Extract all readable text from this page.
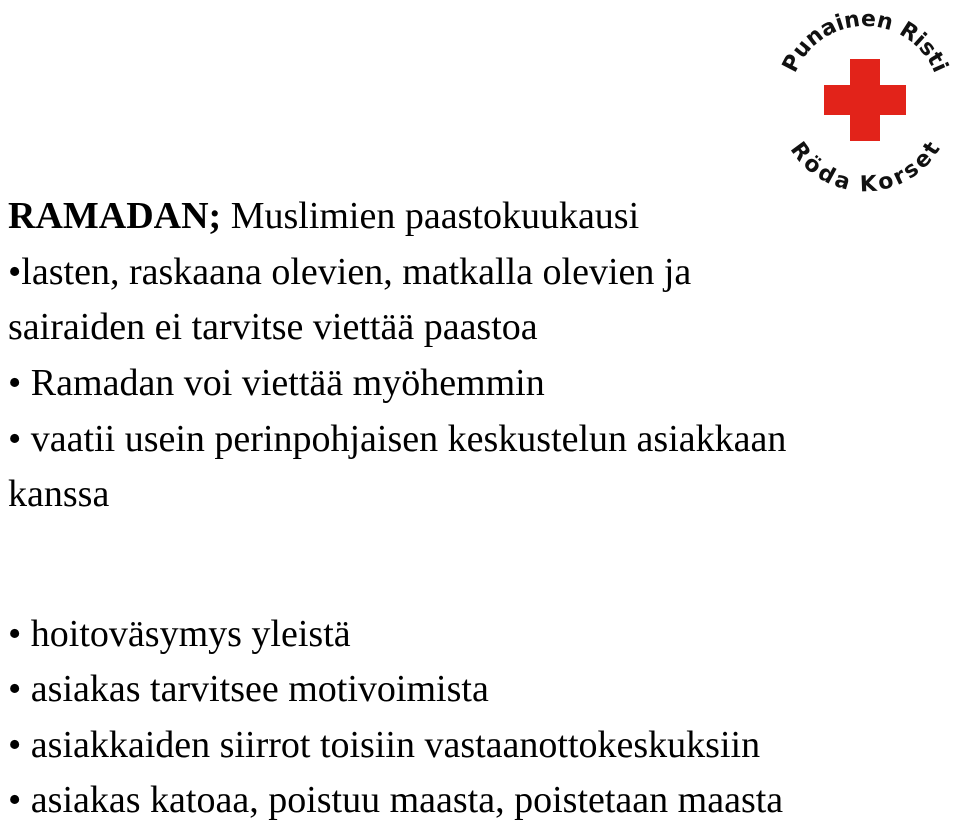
Punainen Risti
Röda Korset
RAMADAN; Muslimien paastokuukausi
•lasten, raskaana olevien, matkalla olevien ja
sairaiden ei tarvitse viettää paastoa
• Ramadan voi viettää myöhemmin
• vaatii usein perinpohjaisen keskustelun asiakkaan
kanssa
• hoitoväsymys yleistä
• asiakas tarvitsee motivoimista
• asiakkaiden siirrot toisiin vastaanottokeskuksiin
• asiakas katoaa, poistuu maasta, poistetaan maasta
